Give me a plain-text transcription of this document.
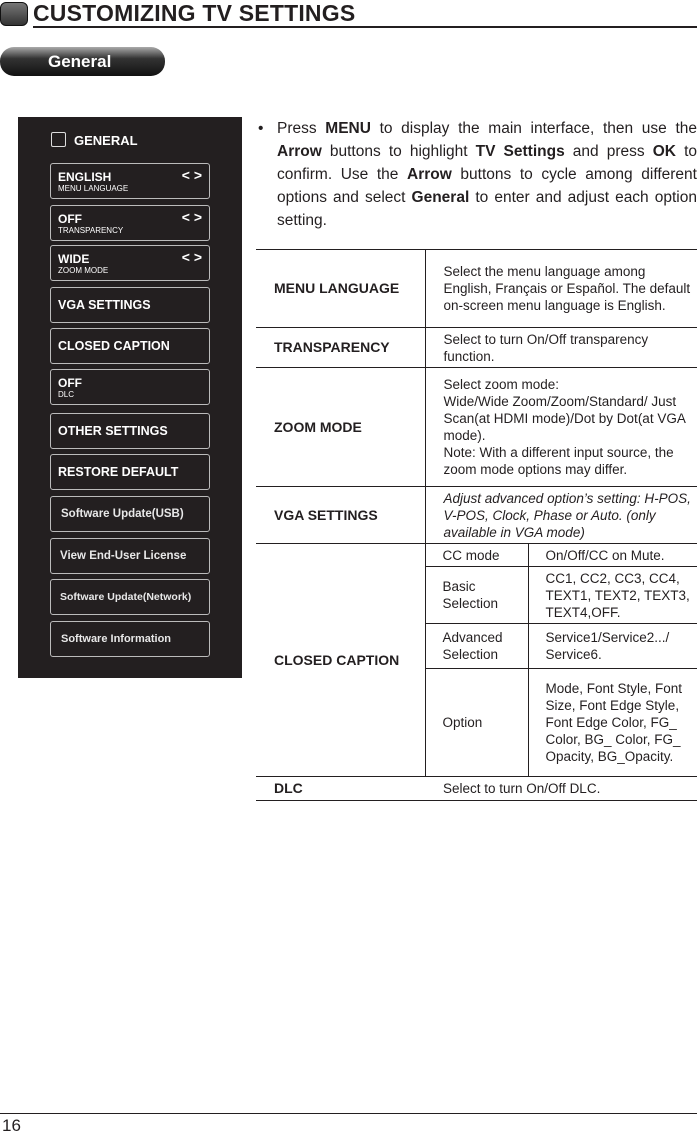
CUSTOMIZING TV SETTINGS
General
GENERAL
ENGLISH
MENU LANGUAGE
< >
OFF
TRANSPARENCY
< >
WIDE
ZOOM MODE
< >
VGA SETTINGS
CLOSED CAPTION
OFF
DLC
OTHER SETTINGS
RESTORE DEFAULT
Software Update(USB)
View End-User License
Software Update(Network)
Software Information
• Press MENU to display the main interface, then use the Arrow buttons to highlight TV Settings and press OK to confirm. Use the Arrow buttons to cycle among different options and select General to enter and adjust each option setting.

MENU LANGUAGE	Select the menu language among English, Français or Español. The default on-screen menu language is English.	
TRANSPARENCY	Select to turn On/Off transparency function.	
ZOOM MODE	Select zoom mode:
Wide/Wide Zoom/Zoom/Standard/ Just Scan(at HDMI mode)/Dot by Dot(at VGA mode).
Note: With a different input source, the zoom mode options may differ.	

VGA SETTINGS	Adjust advanced option’s setting: H-POS, V-POS, Clock, Phase or Auto. (only available in VGA mode)	
CLOSED CAPTION	CC mode	On/Off/CC on Mute.
	Basic Selection	CC1, CC2, CC3, CC4, TEXT1, TEXT2, TEXT3, TEXT4,OFF.
	Advanced Selection	Service1/Service2.../ Service6.
	Option	Mode, Font Style, Font Size, Font Edge Style, Font Edge Color, FG_ Color, BG_ Color, FG_ Opacity, BG_Opacity.
DLC	Select to turn On/Off DLC.	
16
